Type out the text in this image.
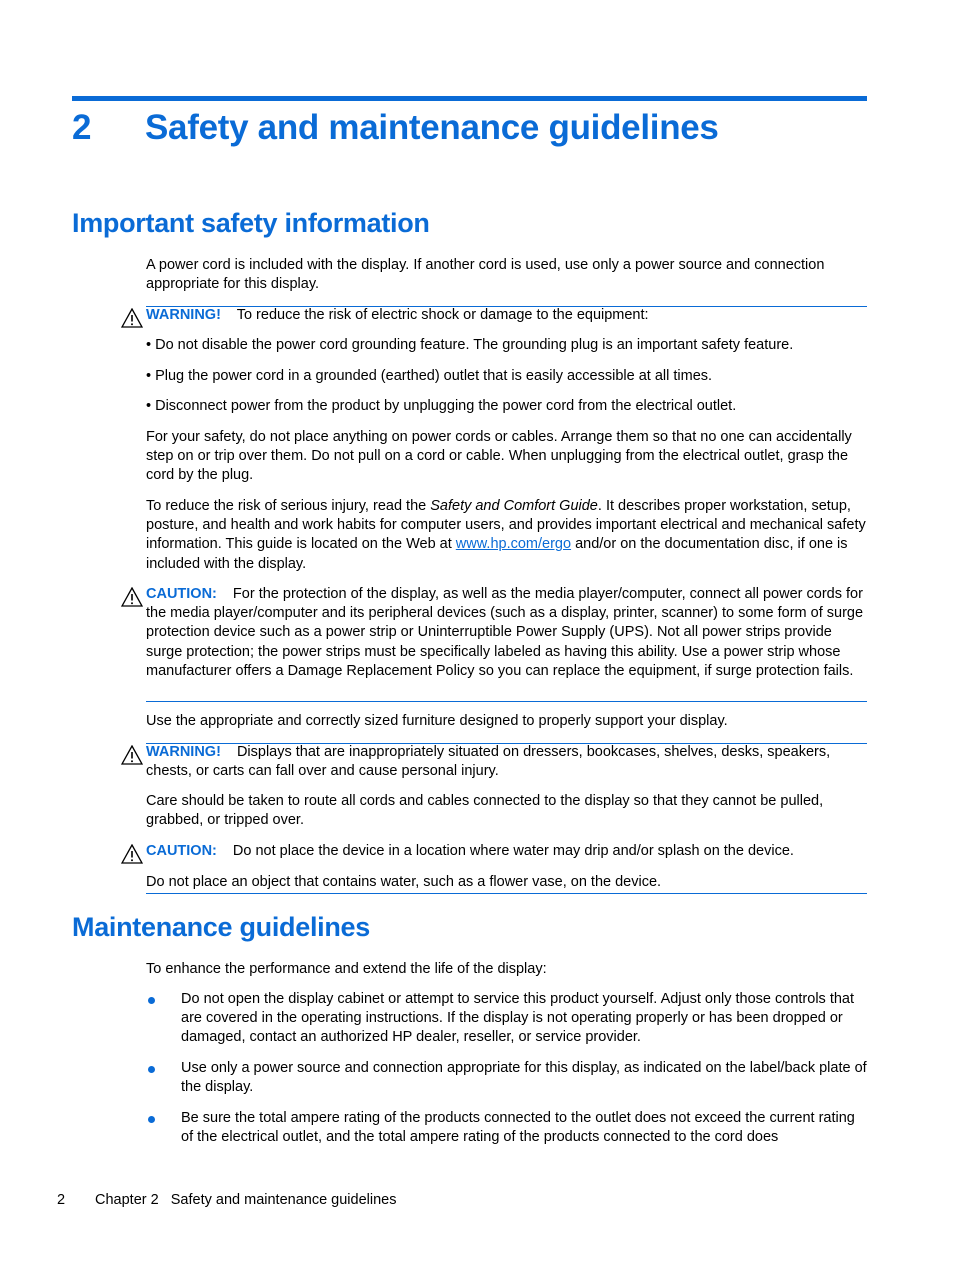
2 Safety and maintenance guidelines
Important safety information
A power cord is included with the display. If another cord is used, use only a power source and connection appropriate for this display.
WARNING! To reduce the risk of electric shock or damage to the equipment:
• Do not disable the power cord grounding feature. The grounding plug is an important safety feature.
• Plug the power cord in a grounded (earthed) outlet that is easily accessible at all times.
• Disconnect power from the product by unplugging the power cord from the electrical outlet.
For your safety, do not place anything on power cords or cables. Arrange them so that no one can accidentally step on or trip over them. Do not pull on a cord or cable. When unplugging from the electrical outlet, grasp the cord by the plug.
To reduce the risk of serious injury, read the Safety and Comfort Guide. It describes proper workstation, setup, posture, and health and work habits for computer users, and provides important electrical and mechanical safety information. This guide is located on the Web at www.hp.com/ergo and/or on the documentation disc, if one is included with the display.
CAUTION: For the protection of the display, as well as the media player/computer, connect all power cords for the media player/computer and its peripheral devices (such as a display, printer, scanner) to some form of surge protection device such as a power strip or Uninterruptible Power Supply (UPS). Not all power strips provide surge protection; the power strips must be specifically labeled as having this ability. Use a power strip whose manufacturer offers a Damage Replacement Policy so you can replace the equipment, if surge protection fails.
Use the appropriate and correctly sized furniture designed to properly support your display.
WARNING! Displays that are inappropriately situated on dressers, bookcases, shelves, desks, speakers, chests, or carts can fall over and cause personal injury.
Care should be taken to route all cords and cables connected to the display so that they cannot be pulled, grabbed, or tripped over.
CAUTION: Do not place the device in a location where water may drip and/or splash on the device.
Do not place an object that contains water, such as a flower vase, on the device.
Maintenance guidelines
To enhance the performance and extend the life of the display:
Do not open the display cabinet or attempt to service this product yourself. Adjust only those controls that are covered in the operating instructions. If the display is not operating properly or has been dropped or damaged, contact an authorized HP dealer, reseller, or service provider.
Use only a power source and connection appropriate for this display, as indicated on the label/back plate of the display.
Be sure the total ampere rating of the products connected to the outlet does not exceed the current rating of the electrical outlet, and the total ampere rating of the products connected to the cord does
2 Chapter 2   Safety and maintenance guidelines
